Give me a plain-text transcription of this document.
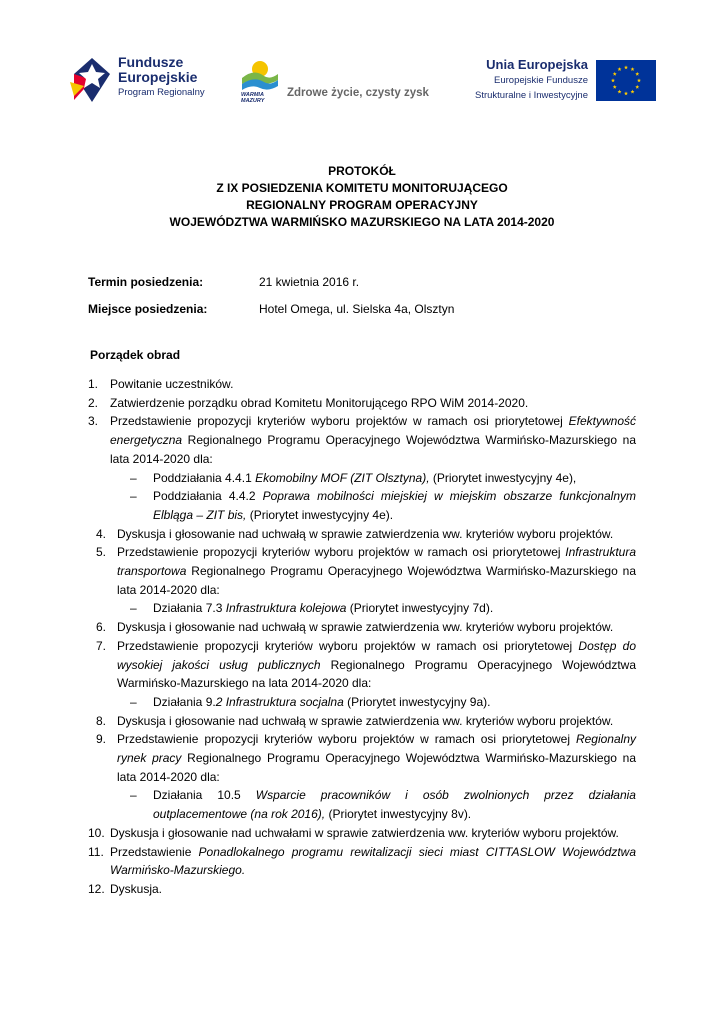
Fundusze
Europejskie
Program Regionalny	WARMIA
MAZURY
Zdrowe życie, czysty zysk
Unia Europejska
Europejskie Fundusze
Strukturalne i Inwestycyjne
PROTOKÓŁ
Z IX POSIEDZENIA KOMITETU MONITORUJĄCEGO
REGIONALNY PROGRAM OPERACYJNY
WOJEWÓDZTWA WARMIŃSKO MAZURSKIEGO NA LATA 2014-2020
Termin posiedzenia:	21 kwietnia 2016 r.
Miejsce posiedzenia:	Hotel Omega, ul. Sielska 4a, Olsztyn
Porządek obrad
1. Powitanie uczestników.
2. Zatwierdzenie porządku obrad Komitetu Monitorującego RPO WiM 2014-2020.
3. Przedstawienie propozycji kryteriów wyboru projektów w ramach osi priorytetowej Efektywność energetyczna Regionalnego Programu Operacyjnego Województwa Warmińsko-Mazurskiego na lata 2014-2020 dla:
– Poddziałania 4.4.1 Ekomobilny MOF (ZIT Olsztyna), (Priorytet inwestycyjny 4e),
– Poddziałania 4.4.2 Poprawa mobilności miejskiej w miejskim obszarze funkcjonalnym Elbląga – ZIT bis, (Priorytet inwestycyjny 4e).
4. Dyskusja i głosowanie nad uchwałą w sprawie zatwierdzenia ww. kryteriów wyboru projektów.
5. Przedstawienie propozycji kryteriów wyboru projektów w ramach osi priorytetowej Infrastruktura transportowa Regionalnego Programu Operacyjnego Województwa Warmińsko-Mazurskiego na lata 2014-2020 dla:
– Działania 7.3 Infrastruktura kolejowa (Priorytet inwestycyjny 7d).
6. Dyskusja i głosowanie nad uchwałą w sprawie zatwierdzenia ww. kryteriów wyboru projektów.
7. Przedstawienie propozycji kryteriów wyboru projektów w ramach osi priorytetowej Dostęp do wysokiej jakości usług publicznych Regionalnego Programu Operacyjnego Województwa Warmińsko-Mazurskiego na lata 2014-2020 dla:
– Działania 9.2 Infrastruktura socjalna (Priorytet inwestycyjny 9a).
8. Dyskusja i głosowanie nad uchwałą w sprawie zatwierdzenia ww. kryteriów wyboru projektów.
9. Przedstawienie propozycji kryteriów wyboru projektów w ramach osi priorytetowej Regionalny rynek pracy Regionalnego Programu Operacyjnego Województwa Warmińsko-Mazurskiego na lata 2014-2020 dla:
– Działania 10.5 Wsparcie pracowników i osób zwolnionych przez działania outplacementowe (na rok 2016), (Priorytet inwestycyjny 8v).
10. Dyskusja i głosowanie nad uchwałami w sprawie zatwierdzenia ww. kryteriów wyboru projektów.
11. Przedstawienie Ponadlokalnego programu rewitalizacji sieci miast CITTASLOW Województwa Warmińsko-Mazurskiego.
12. Dyskusja.
